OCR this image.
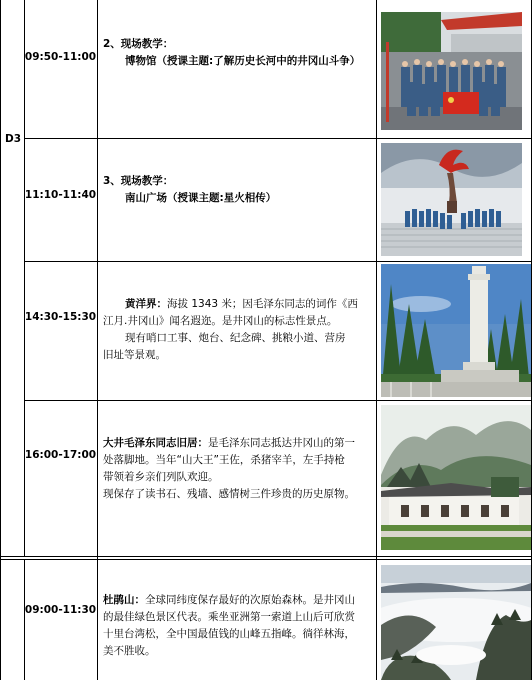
D3
09:50-11:00
2、现场教学：
博物馆（授课主题:了解历史长河中的井冈山斗争）
11:10-11:40
3、现场教学：
南山广场（授课主题:星火相传）
14:30-15:30
黄洋界：海拔 1343 米；因毛泽东同志的词作《西
江月.井冈山》闻名遐迩。是井冈山的标志性景点。
现有哨口工事、炮台、纪念碑、挑粮小道、营房
旧址等景观。
16:00-17:00
大井毛泽东同志旧居：是毛泽东同志抵达井冈山的第一
处落脚地。当年“山大王”王佐，杀猪宰羊，左手持枪
带领着乡亲们列队欢迎。
现保存了读书石、残墙、感情树三件珍贵的历史原物。
09:00-11:30
杜鹃山：全球同纬度保存最好的次原始森林。是井冈山
的最佳绿色景区代表。乘坐亚洲第一索道上山后可欣赏
十里台湾松，全中国最值钱的山峰五指峰。徜徉林海，
美不胜收。
